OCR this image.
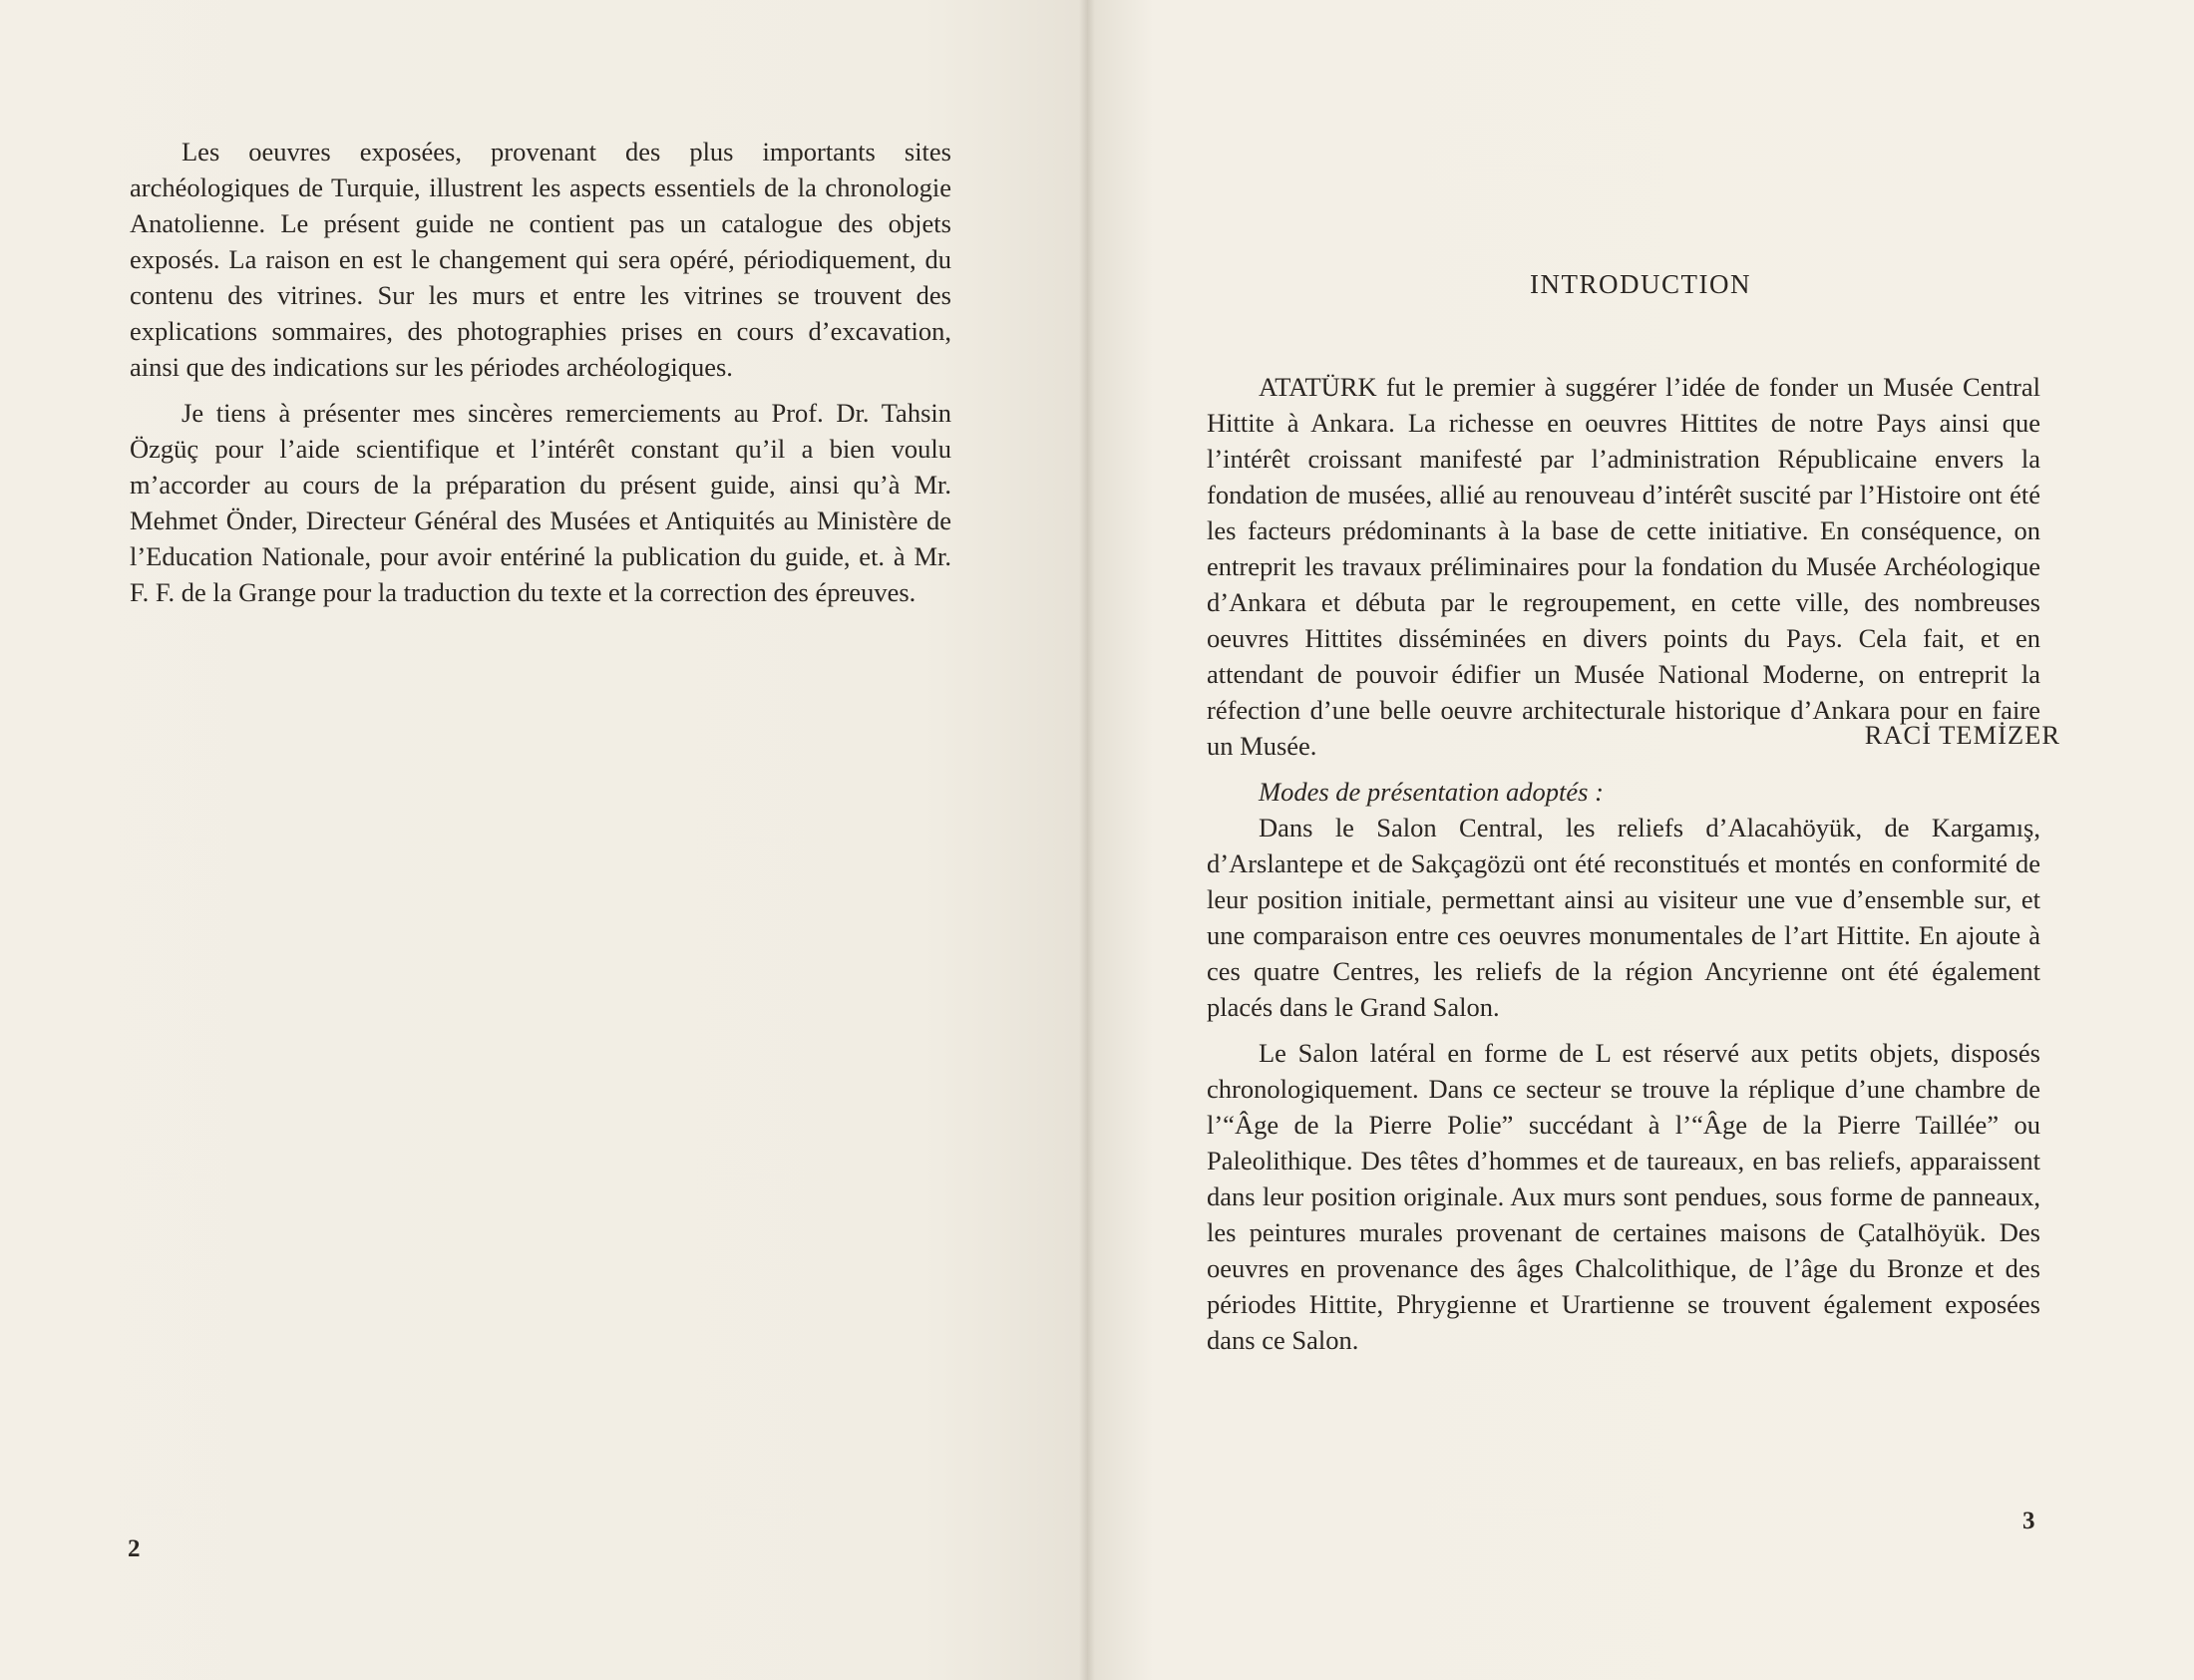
Les oeuvres exposées, provenant des plus importants sites archéologiques de Turquie, illustrent les aspects essentiels de la chronologie Anatolienne. Le présent guide ne contient pas un catalogue des objets exposés. La raison en est le changement qui sera opéré, périodiquement, du contenu des vitrines. Sur les murs et entre les vitrines se trouvent des explications sommaires, des photographies prises en cours d’excavation, ainsi que des indications sur les périodes archéologiques.

Je tiens à présenter mes sincères remerciements au Prof. Dr. Tahsin Özgüç pour l’aide scientifique et l’intérêt constant qu’il a bien voulu m’accorder au cours de la préparation du présent guide, ainsi qu’à Mr. Mehmet Önder, Directeur Général des Musées et Antiquités au Ministère de l’Education Nationale, pour avoir entériné la publication du guide, et. à Mr. F. F. de la Grange pour la traduction du texte et la correction des épreuves.

RACİ TEMİZER

2

INTRODUCTION

ATATÜRK fut le premier à suggérer l’idée de fonder un Musée Central Hittite à Ankara. La richesse en oeuvres Hittites de notre Pays ainsi que l’intérêt croissant manifesté par l’administration Républicaine envers la fondation de musées, allié au renouveau d’intérêt suscité par l’Histoire ont été les facteurs prédominants à la base de cette initiative. En conséquence, on entreprit les travaux préliminaires pour la fondation du Musée Archéologique d’Ankara et débuta par le regroupement, en cette ville, des nombreuses oeuvres Hittites disséminées en divers points du Pays. Cela fait, et en attendant de pouvoir édifier un Musée National Moderne, on entreprit la réfection d’une belle oeuvre architecturale historique d’Ankara pour en faire un Musée.

Modes de présentation adoptés :

Dans le Salon Central, les reliefs d’Alacahöyük, de Kargamış, d’Arslantepe et de Sakçagözü ont été reconstitués et montés en conformité de leur position initiale, permettant ainsi au visiteur une vue d’ensemble sur, et une comparaison entre ces oeuvres monumentales de l’art Hittite. En ajoute à ces quatre Centres, les reliefs de la région Ancyrienne ont été également placés dans le Grand Salon.

Le Salon latéral en forme de L est réservé aux petits objets, disposés chronologiquement. Dans ce secteur se trouve la réplique d’une chambre de l’“Âge de la Pierre Polie” succédant à l’“Âge de la Pierre Taillée” ou Paleolithique. Des têtes d’hommes et de taureaux, en bas reliefs, apparaissent dans leur position originale. Aux murs sont pendues, sous forme de panneaux, les peintures murales provenant de certaines maisons de Çatalhöyük. Des oeuvres en provenance des âges Chalcolithique, de l’âge du Bronze et des périodes Hittite, Phrygienne et Urartienne se trouvent également exposées dans ce Salon.

3
